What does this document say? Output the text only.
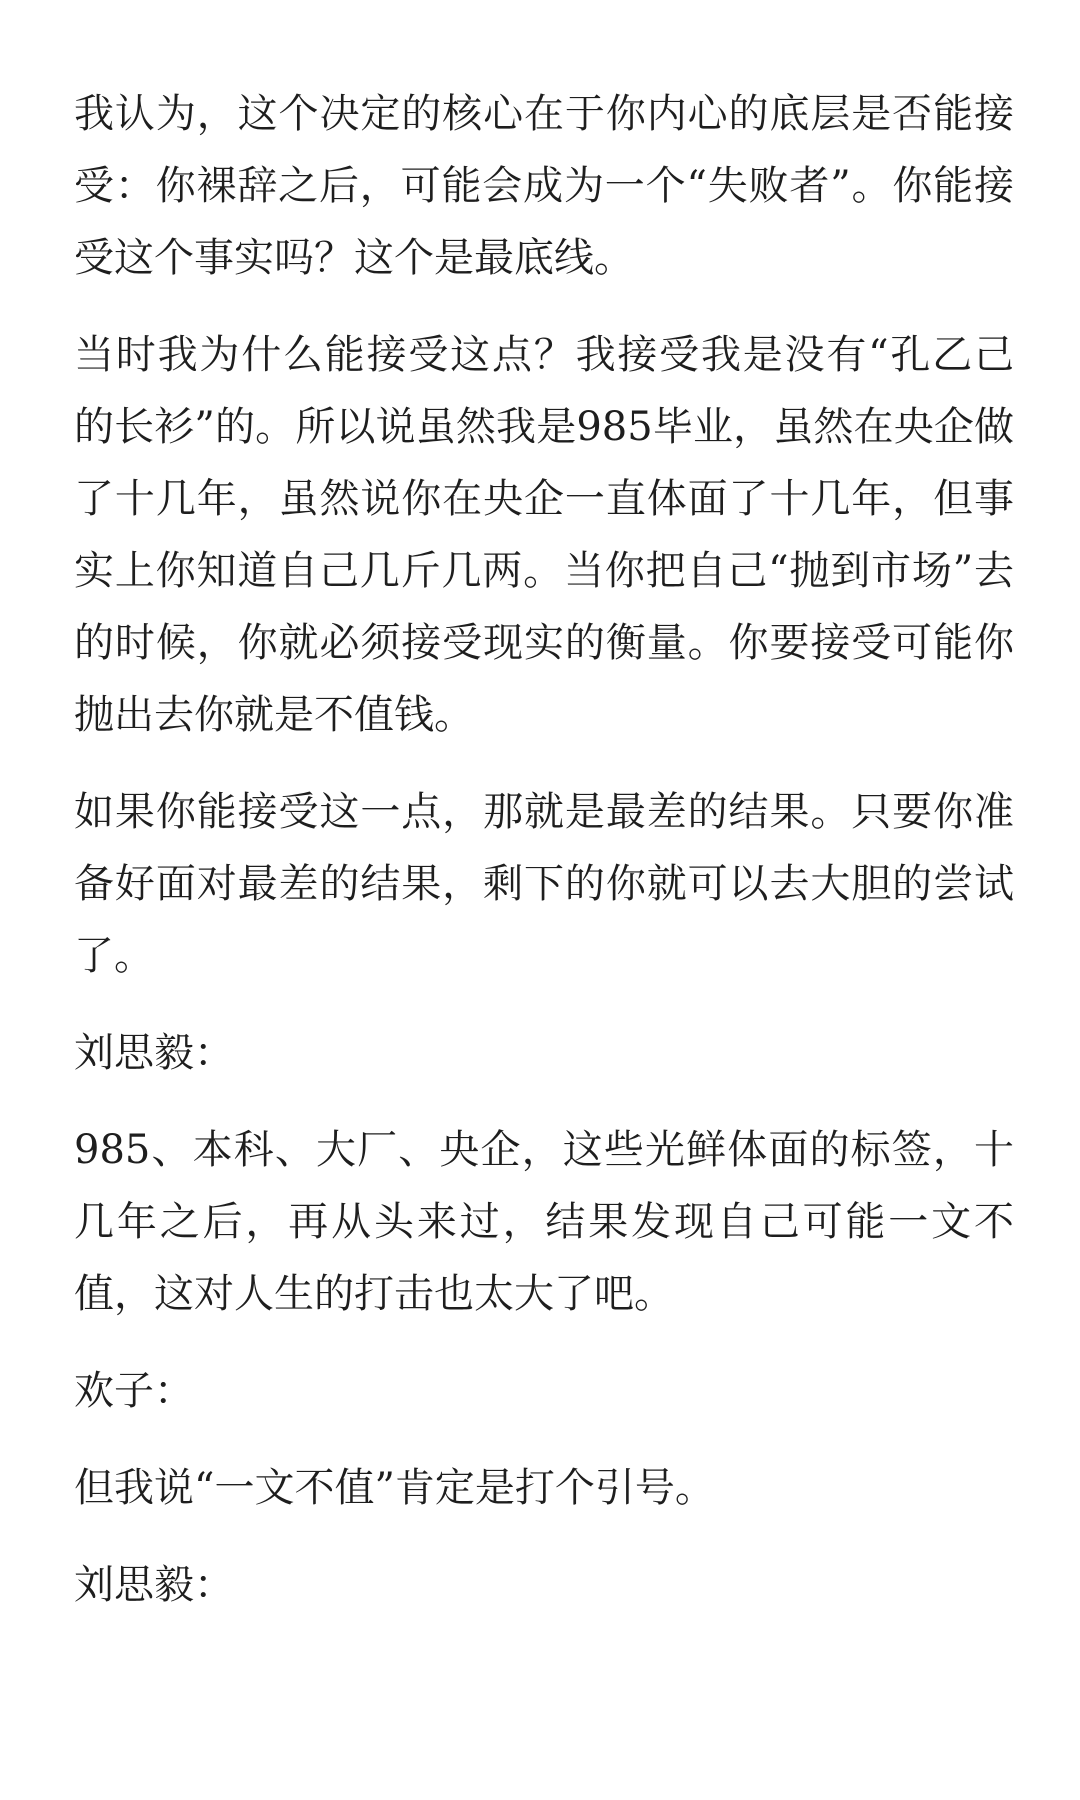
我认为，这个决定的核心在于你内心的底层是否能接受：你裸辞之后，可能会成为一个“失败者”。你能接受这个事实吗？这个是最底线。

当时我为什么能接受这点？我接受我是没有“孔乙己的长衫”的。所以说虽然我是985毕业，虽然在央企做了十几年，虽然说你在央企一直体面了十几年，但事实上你知道自己几斤几两。当你把自己“抛到市场”去的时候，你就必须接受现实的衡量。你要接受可能你抛出去你就是不值钱。

如果你能接受这一点，那就是最差的结果。只要你准备好面对最差的结果，剩下的你就可以去大胆的尝试了。

刘思毅：

985、本科、大厂、央企，这些光鲜体面的标签，十几年之后，再从头来过，结果发现自己可能一文不值，这对人生的打击也太大了吧。

欢子：

但我说“一文不值”肯定是打个引号。

刘思毅：
